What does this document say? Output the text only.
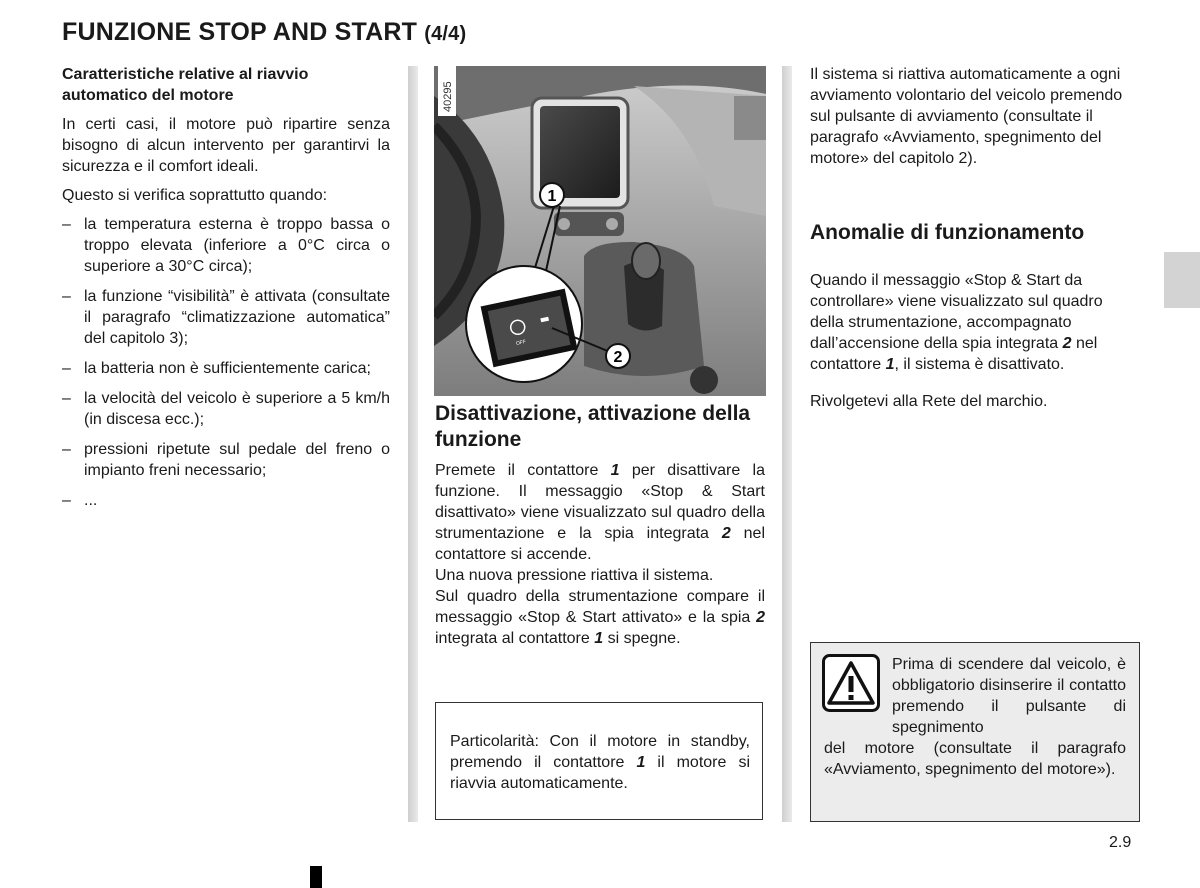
FUNZIONE STOP AND START (4/4)
Caratteristiche relative al riavvio automatico del motore

In certi casi, il motore può ripartire senza bisogno di alcun intervento per garantirvi la sicurezza e il comfort ideali.

Questo si verifica soprattutto quando:

– la temperatura esterna è troppo bassa o troppo elevata (inferiore a 0°C circa o superiore a 30°C circa);
– la funzione “visibilità” è attivata (consultate il paragrafo “climatizzazione automatica” del capitolo 3);
– la batteria non è sufficientemente carica;
– la velocità del veicolo è superiore a 5 km/h (in discesa ecc.);
– pressioni ripetute sul pedale del freno o impianto freni necessario;
– ...
OFF
1
2
40295
Disattivazione, attivazione della funzione

Premete il contattore 1 per disattivare la funzione. Il messaggio «Stop & Start disattivato» viene visualizzato sul quadro della strumentazione e la spia integrata 2 nel contattore si accende.

Una nuova pressione riattiva il sistema.

Sul quadro della strumentazione compare il messaggio «Stop & Start attivato» e la spia 2 integrata al contattore 1 si spegne.

Particolarità: Con il motore in standby, premendo il contattore 1 il motore si riavvia automaticamente.

Il sistema si riattiva automaticamente a ogni avviamento volontario del veicolo premendo sul pulsante di avviamento (consultate il paragrafo «Avviamento, spegnimento del motore» del capitolo 2).

Anomalie di funzionamento

Quando il messaggio «Stop & Start da controllare» viene visualizzato sul quadro della strumentazione, accompagnato dall’accensione della spia integrata 2 nel contattore 1, il sistema è disattivato.

Rivolgetevi alla Rete del marchio.

Prima di scendere dal veicolo, è obbligatorio disinserire il contatto premendo il pulsante di spegnimento
del motore (consultate il paragrafo «Avviamento, spegnimento del motore»).
2.9
